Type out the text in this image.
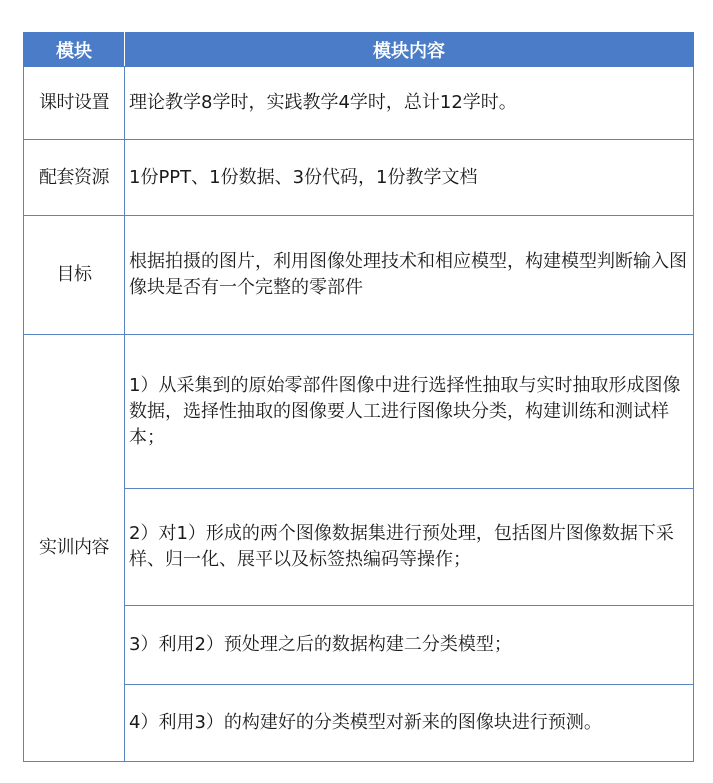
模块	模块内容
课时设置	理论教学8学时，实践教学4学时，总计12学时。
配套资源	1份PPT、1份数据、3份代码，1份教学文档
目标	根据拍摄的图片，利用图像处理技术和相应模型，构建模型判断输入图像块是否有一个完整的零部件
实训内容	1）从采集到的原始零部件图像中进行选择性抽取与实时抽取形成图像数据，选择性抽取的图像要人工进行图像块分类，构建训练和测试样本；
	2）对1）形成的两个图像数据集进行预处理，包括图片图像数据下采样、归一化、展平以及标签热编码等操作；
	3）利用2）预处理之后的数据构建二分类模型；
	4）利用3）的构建好的分类模型对新来的图像块进行预测。
